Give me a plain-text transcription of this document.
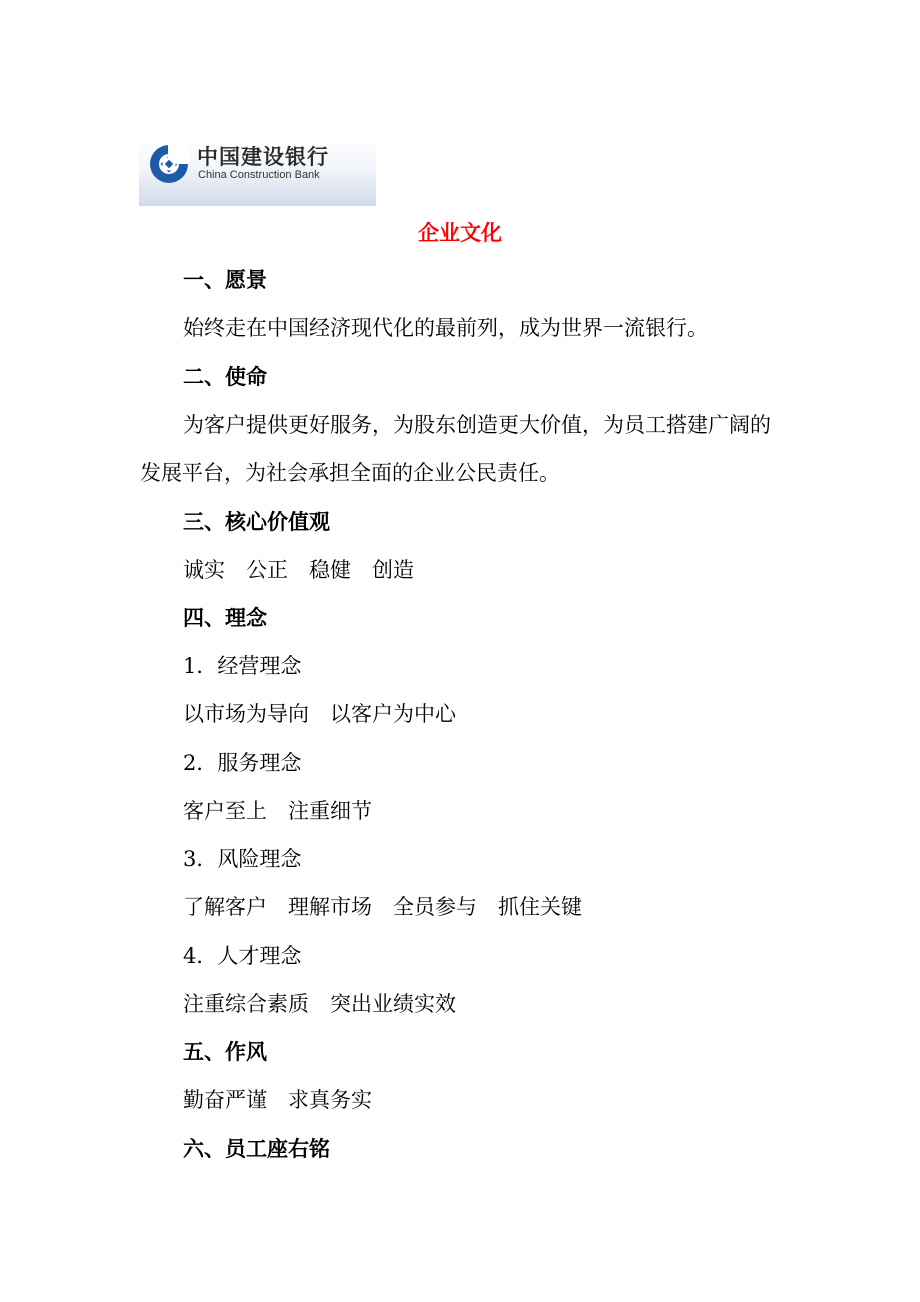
中国建设银行
China Construction Bank
企业文化
一、愿景
始终走在中国经济现代化的最前列，成为世界一流银行。
二、使命
为客户提供更好服务，为股东创造更大价值，为员工搭建广阔的
发展平台，为社会承担全面的企业公民责任。
三、核心价值观
诚实　公正　稳健　创造
四、理念
1．经营理念
以市场为导向　以客户为中心
2．服务理念
客户至上　注重细节
3．风险理念
了解客户　理解市场　全员参与　抓住关键
4．人才理念
注重综合素质　突出业绩实效
五、作风
勤奋严谨　求真务实
六、员工座右铭
